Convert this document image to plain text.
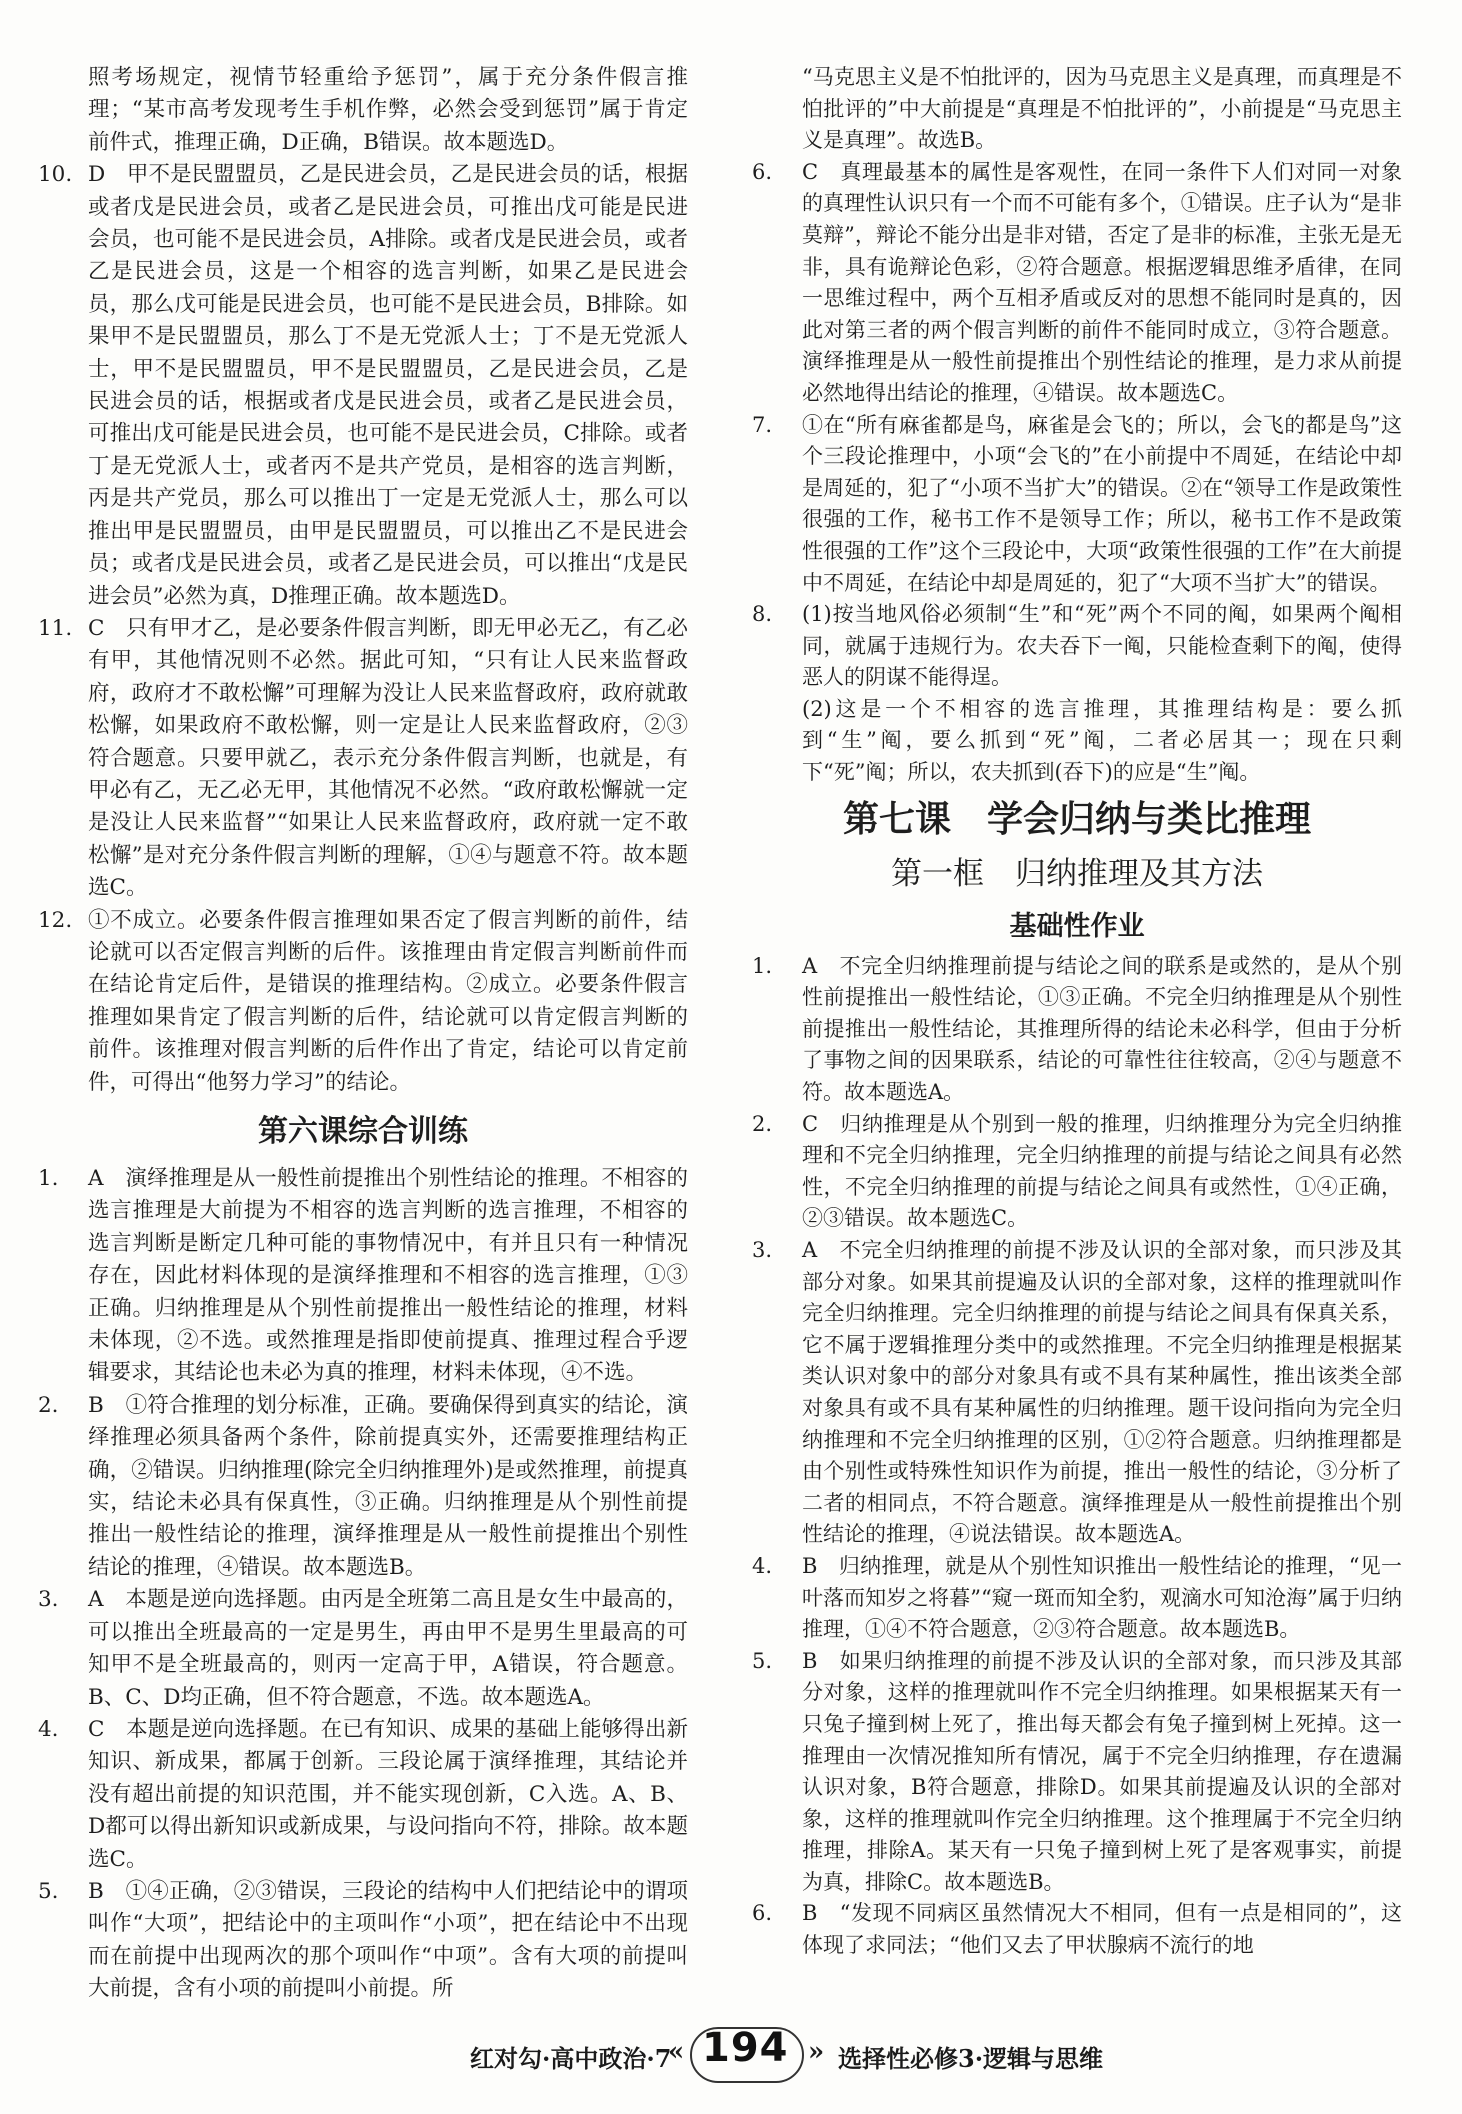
照考场规定，视情节轻重给予惩罚”，属于充分条件假言推理；“某市高考发现考生手机作弊，必然会受到惩罚”属于肯定前件式，推理正确，D正确，B错误。故本题选D。
10. D　甲不是民盟盟员，乙是民进会员，乙是民进会员的话，根据或者戊是民进会员，或者乙是民进会员，可推出戊可能是民进会员，也可能不是民进会员，A排除。或者戊是民进会员，或者乙是民进会员，这是一个相容的选言判断，如果乙是民进会员，那么戊可能是民进会员，也可能不是民进会员，B排除。如果甲不是民盟盟员，那么丁不是无党派人士；丁不是无党派人士，甲不是民盟盟员，甲不是民盟盟员，乙是民进会员，乙是民进会员的话，根据或者戊是民进会员，或者乙是民进会员，可推出戊可能是民进会员，也可能不是民进会员，C排除。或者丁是无党派人士，或者丙不是共产党员，是相容的选言判断，丙是共产党员，那么可以推出丁一定是无党派人士，那么可以推出甲是民盟盟员，由甲是民盟盟员，可以推出乙不是民进会员；或者戊是民进会员，或者乙是民进会员，可以推出“戊是民进会员”必然为真，D推理正确。故本题选D。
11. C　只有甲才乙，是必要条件假言判断，即无甲必无乙，有乙必有甲，其他情况则不必然。据此可知，“只有让人民来监督政府，政府才不敢松懈”可理解为没让人民来监督政府，政府就敢松懈，如果政府不敢松懈，则一定是让人民来监督政府，②③符合题意。只要甲就乙，表示充分条件假言判断，也就是，有甲必有乙，无乙必无甲，其他情况不必然。“政府敢松懈就一定是没让人民来监督”“如果让人民来监督政府，政府就一定不敢松懈”是对充分条件假言判断的理解，①④与题意不符。故本题选C。
12. ①不成立。必要条件假言推理如果否定了假言判断的前件，结论就可以否定假言判断的后件。该推理由肯定假言判断前件而在结论肯定后件，是错误的推理结构。②成立。必要条件假言推理如果肯定了假言判断的后件，结论就可以肯定假言判断的前件。该推理对假言判断的后件作出了肯定，结论可以肯定前件，可得出“他努力学习”的结论。
第六课综合训练
1.	A　演绎推理是从一般性前提推出个别性结论的推理。不相容的选言推理是大前提为不相容的选言判断的选言推理，不相容的选言判断是断定几种可能的事物情况中，有并且只有一种情况存在，因此材料体现的是演绎推理和不相容的选言推理，①③正确。归纳推理是从个别性前提推出一般性结论的推理，材料未体现，②不选。或然推理是指即使前提真、推理过程合乎逻辑要求，其结论也未必为真的推理，材料未体现，④不选。
2.	B　①符合推理的划分标准，正确。要确保得到真实的结论，演绎推理必须具备两个条件，除前提真实外，还需要推理结构正确，②错误。归纳推理(除完全归纳推理外)是或然推理，前提真实，结论未必具有保真性，③正确。归纳推理是从个别性前提推出一般性结论的推理，演绎推理是从一般性前提推出个别性结论的推理，④错误。故本题选B。
3.	A　本题是逆向选择题。由丙是全班第二高且是女生中最高的，可以推出全班最高的一定是男生，再由甲不是男生里最高的可知甲不是全班最高的，则丙一定高于甲，A错误，符合题意。B、C、D均正确，但不符合题意，不选。故本题选A。
4.	C　本题是逆向选择题。在已有知识、成果的基础上能够得出新知识、新成果，都属于创新。三段论属于演绎推理，其结论并没有超出前提的知识范围，并不能实现创新，C入选。A、B、D都可以得出新知识或新成果，与设问指向不符，排除。故本题选C。
5.	B　①④正确，②③错误，三段论的结构中人们把结论中的谓项叫作“大项”，把结论中的主项叫作“小项”，把在结论中不出现而在前提中出现两次的那个项叫作“中项”。含有大项的前提叫大前提，含有小项的前提叫小前提。所
“马克思主义是不怕批评的，因为马克思主义是真理，而真理是不怕批评的”中大前提是“真理是不怕批评的”，小前提是“马克思主义是真理”。故选B。
6.	C　真理最基本的属性是客观性，在同一条件下人们对同一对象的真理性认识只有一个而不可能有多个，①错误。庄子认为“是非莫辩”，辩论不能分出是非对错，否定了是非的标准，主张无是无非，具有诡辩论色彩，②符合题意。根据逻辑思维矛盾律，在同一思维过程中，两个互相矛盾或反对的思想不能同时是真的，因此对第三者的两个假言判断的前件不能同时成立，③符合题意。演绎推理是从一般性前提推出个别性结论的推理，是力求从前提必然地得出结论的推理，④错误。故本题选C。
7.	①在“所有麻雀都是鸟，麻雀是会飞的；所以，会飞的都是鸟”这个三段论推理中，小项“会飞的”在小前提中不周延，在结论中却是周延的，犯了“小项不当扩大”的错误。②在“领导工作是政策性很强的工作，秘书工作不是领导工作；所以，秘书工作不是政策性很强的工作”这个三段论中，大项“政策性很强的工作”在大前提中不周延，在结论中却是周延的，犯了“大项不当扩大”的错误。
8.	(1)按当地风俗必须制“生”和“死”两个不同的阄，如果两个阄相同，就属于违规行为。农夫吞下一阄，只能检查剩下的阄，使得恶人的阴谋不能得逞。
(2)这是一个不相容的选言推理，其推理结构是：要么抓到“生”阄，要么抓到“死”阄，二者必居其一；现在只剩下“死”阄；所以，农夫抓到(吞下)的应是“生”阄。
第七课　学会归纳与类比推理
第一框　归纳推理及其方法
基础性作业
1.	A　不完全归纳推理前提与结论之间的联系是或然的，是从个别性前提推出一般性结论，①③正确。不完全归纳推理是从个别性前提推出一般性结论，其推理所得的结论未必科学，但由于分析了事物之间的因果联系，结论的可靠性往往较高，②④与题意不符。故本题选A。
2.	C　归纳推理是从个别到一般的推理，归纳推理分为完全归纳推理和不完全归纳推理，完全归纳推理的前提与结论之间具有必然性，不完全归纳推理的前提与结论之间具有或然性，①④正确，②③错误。故本题选C。
3.	A　不完全归纳推理的前提不涉及认识的全部对象，而只涉及其部分对象。如果其前提遍及认识的全部对象，这样的推理就叫作完全归纳推理。完全归纳推理的前提与结论之间具有保真关系，它不属于逻辑推理分类中的或然推理。不完全归纳推理是根据某类认识对象中的部分对象具有或不具有某种属性，推出该类全部对象具有或不具有某种属性的归纳推理。题干设问指向为完全归纳推理和不完全归纳推理的区别，①②符合题意。归纳推理都是由个别性或特殊性知识作为前提，推出一般性的结论，③分析了二者的相同点，不符合题意。演绎推理是从一般性前提推出个别性结论的推理，④说法错误。故本题选A。
4.	B　归纳推理，就是从个别性知识推出一般性结论的推理，“见一叶落而知岁之将暮”“窥一斑而知全豹，观滴水可知沧海”属于归纳推理，①④不符合题意，②③符合题意。故本题选B。
5.	B　如果归纳推理的前提不涉及认识的全部对象，而只涉及其部分对象，这样的推理就叫作不完全归纳推理。如果根据某天有一只兔子撞到树上死了，推出每天都会有兔子撞到树上死掉。这一推理由一次情况推知所有情况，属于不完全归纳推理，存在遗漏认识对象，B符合题意，排除D。如果其前提遍及认识的全部对象，这样的推理就叫作完全归纳推理。这个推理属于不完全归纳推理，排除A。某天有一只兔子撞到树上死了是客观事实，前提为真，排除C。故本题选B。
6.	B　“发现不同病区虽然情况大不相同，但有一点是相同的”，这体现了求同法；“他们又去了甲状腺病不流行的地
红对勾·高中政治·7
« 194 » 选择性必修3·逻辑与思维
